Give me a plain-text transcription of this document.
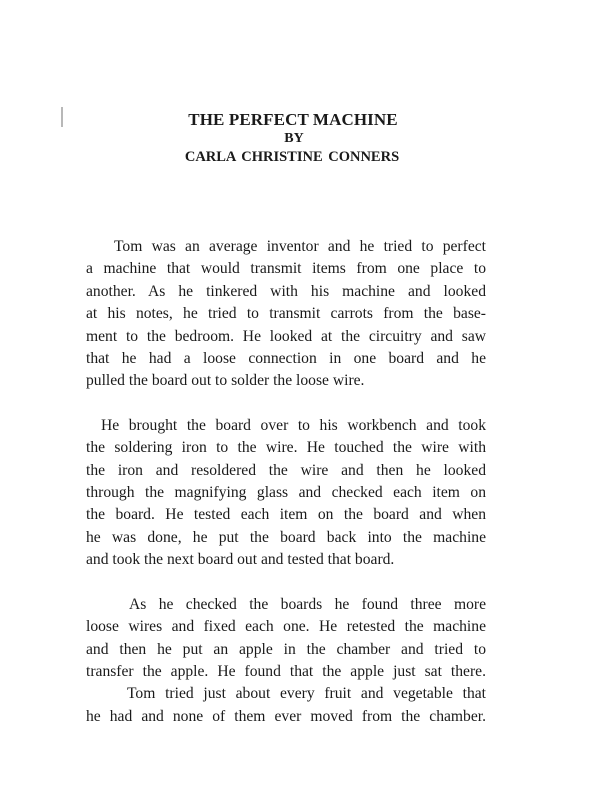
THE PERFECT MACHINE
BY
CARLA CHRISTINE CONNERS
Tom was an average inventor and he tried to perfect
a machine that would transmit items from one place to
another. As he tinkered with his machine and looked
at his notes, he tried to transmit carrots from the base-
ment to the bedroom. He looked at the circuitry and saw
that he had a loose connection in one board and he
pulled the board out to solder the loose wire.
He brought the board over to his workbench and took
the soldering iron to the wire. He touched the wire with
the iron and resoldered the wire and then he looked
through the magnifying glass and checked each item on
the board. He tested each item on the board and when
he was done, he put the board back into the machine
and took the next board out and tested that board.
As he checked the boards he found three more
loose wires and fixed each one. He retested the machine
and then he put an apple in the chamber and tried to
transfer the apple. He found that the apple just sat there.
Tom tried just about every fruit and vegetable that
he had and none of them ever moved from the chamber.
